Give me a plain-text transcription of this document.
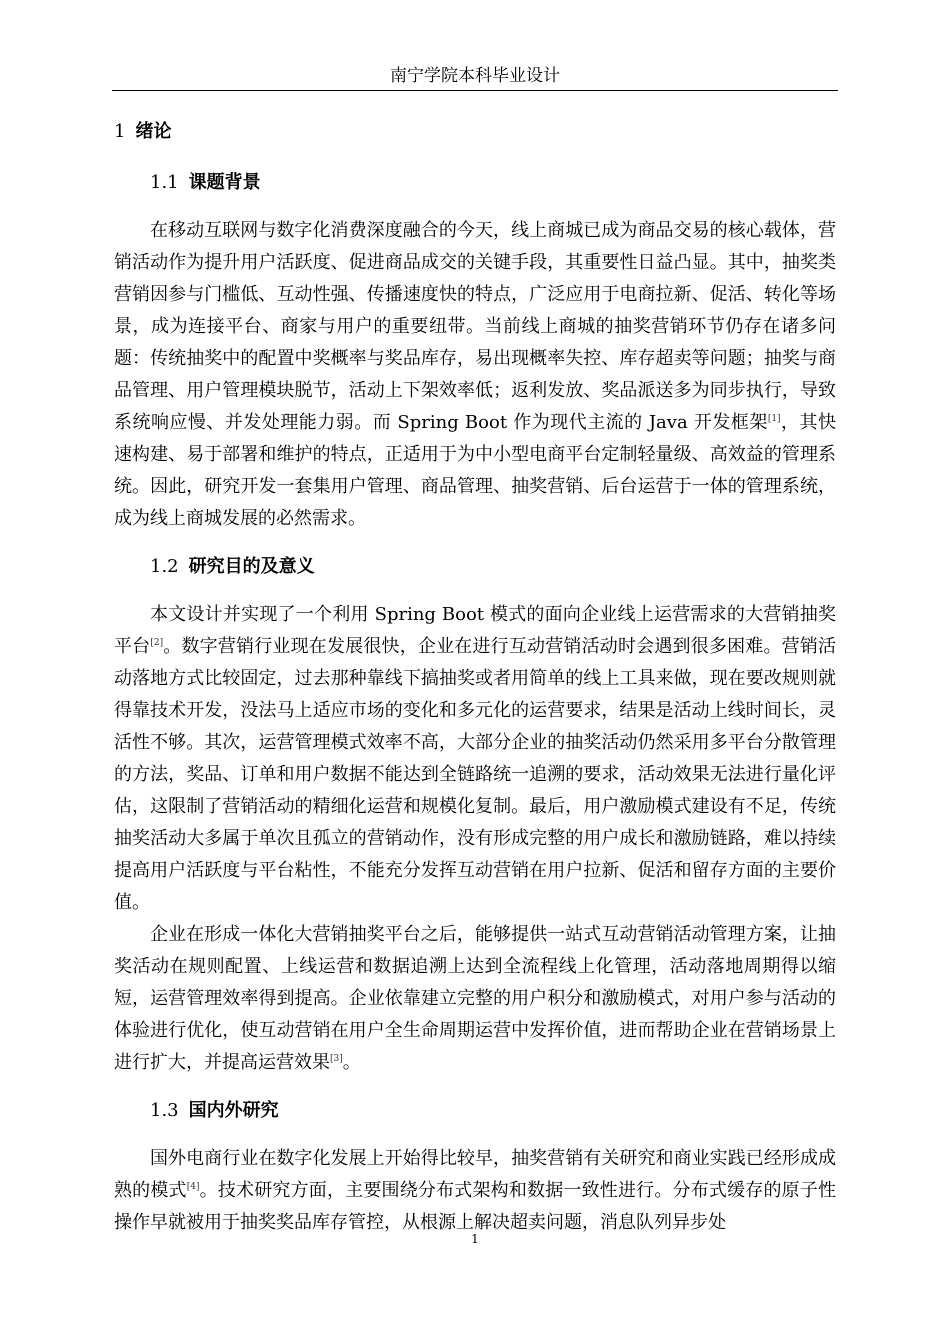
南宁学院本科毕业设计
1 绪论
1.1 课题背景

在移动互联网与数字化消费深度融合的今天，线上商城已成为商品交易的核心载体，营销活动作为提升用户活跃度、促进商品成交的关键手段，其重要性日益凸显。其中，抽奖类营销因参与门槛低、互动性强、传播速度快的特点，广泛应用于电商拉新、促活、转化等场景，成为连接平台、商家与用户的重要纽带。当前线上商城的抽奖营销环节仍存在诸多问题：传统抽奖中的配置中奖概率与奖品库存，易出现概率失控、库存超卖等问题；抽奖与商品管理、用户管理模块脱节，活动上下架效率低；返利发放、奖品派送多为同步执行，导致系统响应慢、并发处理能力弱。而 Spring Boot 作为现代主流的 Java 开发框架[1]，其快速构建、易于部署和维护的特点，正适用于为中小型电商平台定制轻量级、高效益的管理系统。因此，研究开发一套集用户管理、商品管理、抽奖营销、后台运营于一体的管理系统，成为线上商城发展的必然需求。

1.2 研究目的及意义

本文设计并实现了一个利用 Spring Boot 模式的面向企业线上运营需求的大营销抽奖平台[2]。数字营销行业现在发展很快，企业在进行互动营销活动时会遇到很多困难。营销活动落地方式比较固定，过去那种靠线下搞抽奖或者用简单的线上工具来做，现在要改规则就得靠技术开发，没法马上适应市场的变化和多元化的运营要求，结果是活动上线时间长，灵活性不够。其次，运营管理模式效率不高，大部分企业的抽奖活动仍然采用多平台分散管理的方法，奖品、订单和用户数据不能达到全链路统一追溯的要求，活动效果无法进行量化评估，这限制了营销活动的精细化运营和规模化复制。最后，用户激励模式建设有不足，传统抽奖活动大多属于单次且孤立的营销动作，没有形成完整的用户成长和激励链路，难以持续提高用户活跃度与平台粘性，不能充分发挥互动营销在用户拉新、促活和留存方面的主要价值。

企业在形成一体化大营销抽奖平台之后，能够提供一站式互动营销活动管理方案，让抽奖活动在规则配置、上线运营和数据追溯上达到全流程线上化管理，活动落地周期得以缩短，运营管理效率得到提高。企业依靠建立完整的用户积分和激励模式，对用户参与活动的体验进行优化，使互动营销在用户全生命周期运营中发挥价值，进而帮助企业在营销场景上进行扩大，并提高运营效果[3]。

1.3 国内外研究

国外电商行业在数字化发展上开始得比较早，抽奖营销有关研究和商业实践已经形成成熟的模式[4]。技术研究方面，主要围绕分布式架构和数据一致性进行。分布式缓存的原子性操作早就被用于抽奖奖品库存管控，从根源上解决超卖问题，消息队列异步处

1
